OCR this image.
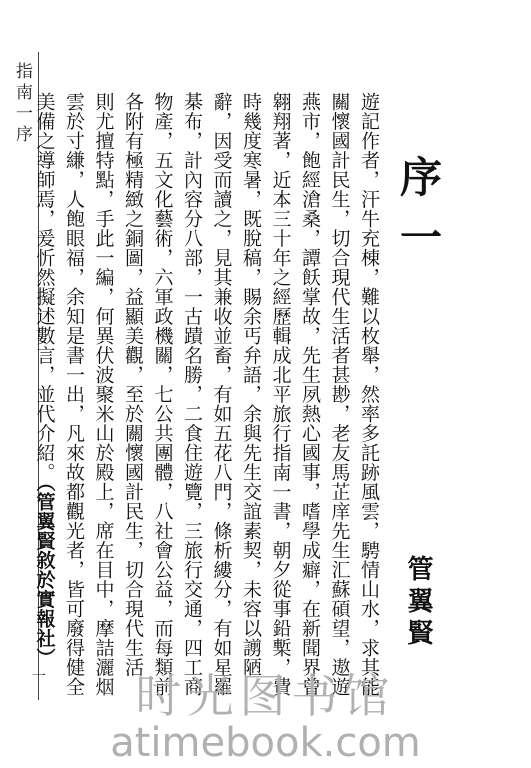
指南一序
序一

遊記作者，汗牛充棟，難以枚舉，然率多託跡風雲，騁情山水，求其能關懷國計民生，切合現代生活者甚尠，老友馬芷庠先生汇蘇碩望，遨遊燕市，飽經滄桑，譚飫掌故，先生夙熱心國事，嗜學成癖，在新聞界曾翱翔著，近本三十年之經歷輯成北平旅行指南一書，朝夕從事鉛槧，費時幾度寒暑，既脫稿，賜余丐弁語，余與先生交誼素契，未容以謭陋辭，因受而讀之，見其兼收並畜，有如五花八門，條析縷分，有如星羅棊布，計內容分八部，一古蹟名勝，二食住遊覽，三旅行交通，四工商物產，五文化藝術，六軍政機關，七公共團體，八社會公益，而每類前各附有極精緻之銅圖，益顯美觀，至於關懷國計民生，切合現代生活，則尤擅特點，手此一編，何異伏波聚米山於殿上，席在目中，摩詰灑烟雲於寸縑，人飽眼福，余知是書一出，凡來故都觀光者，皆可廢得健全美備之導師焉，爰忻然擬述數言，並代介紹。（管翼賢敘於實報社）	管翼賢
一	时光图书馆
atimebook.com
